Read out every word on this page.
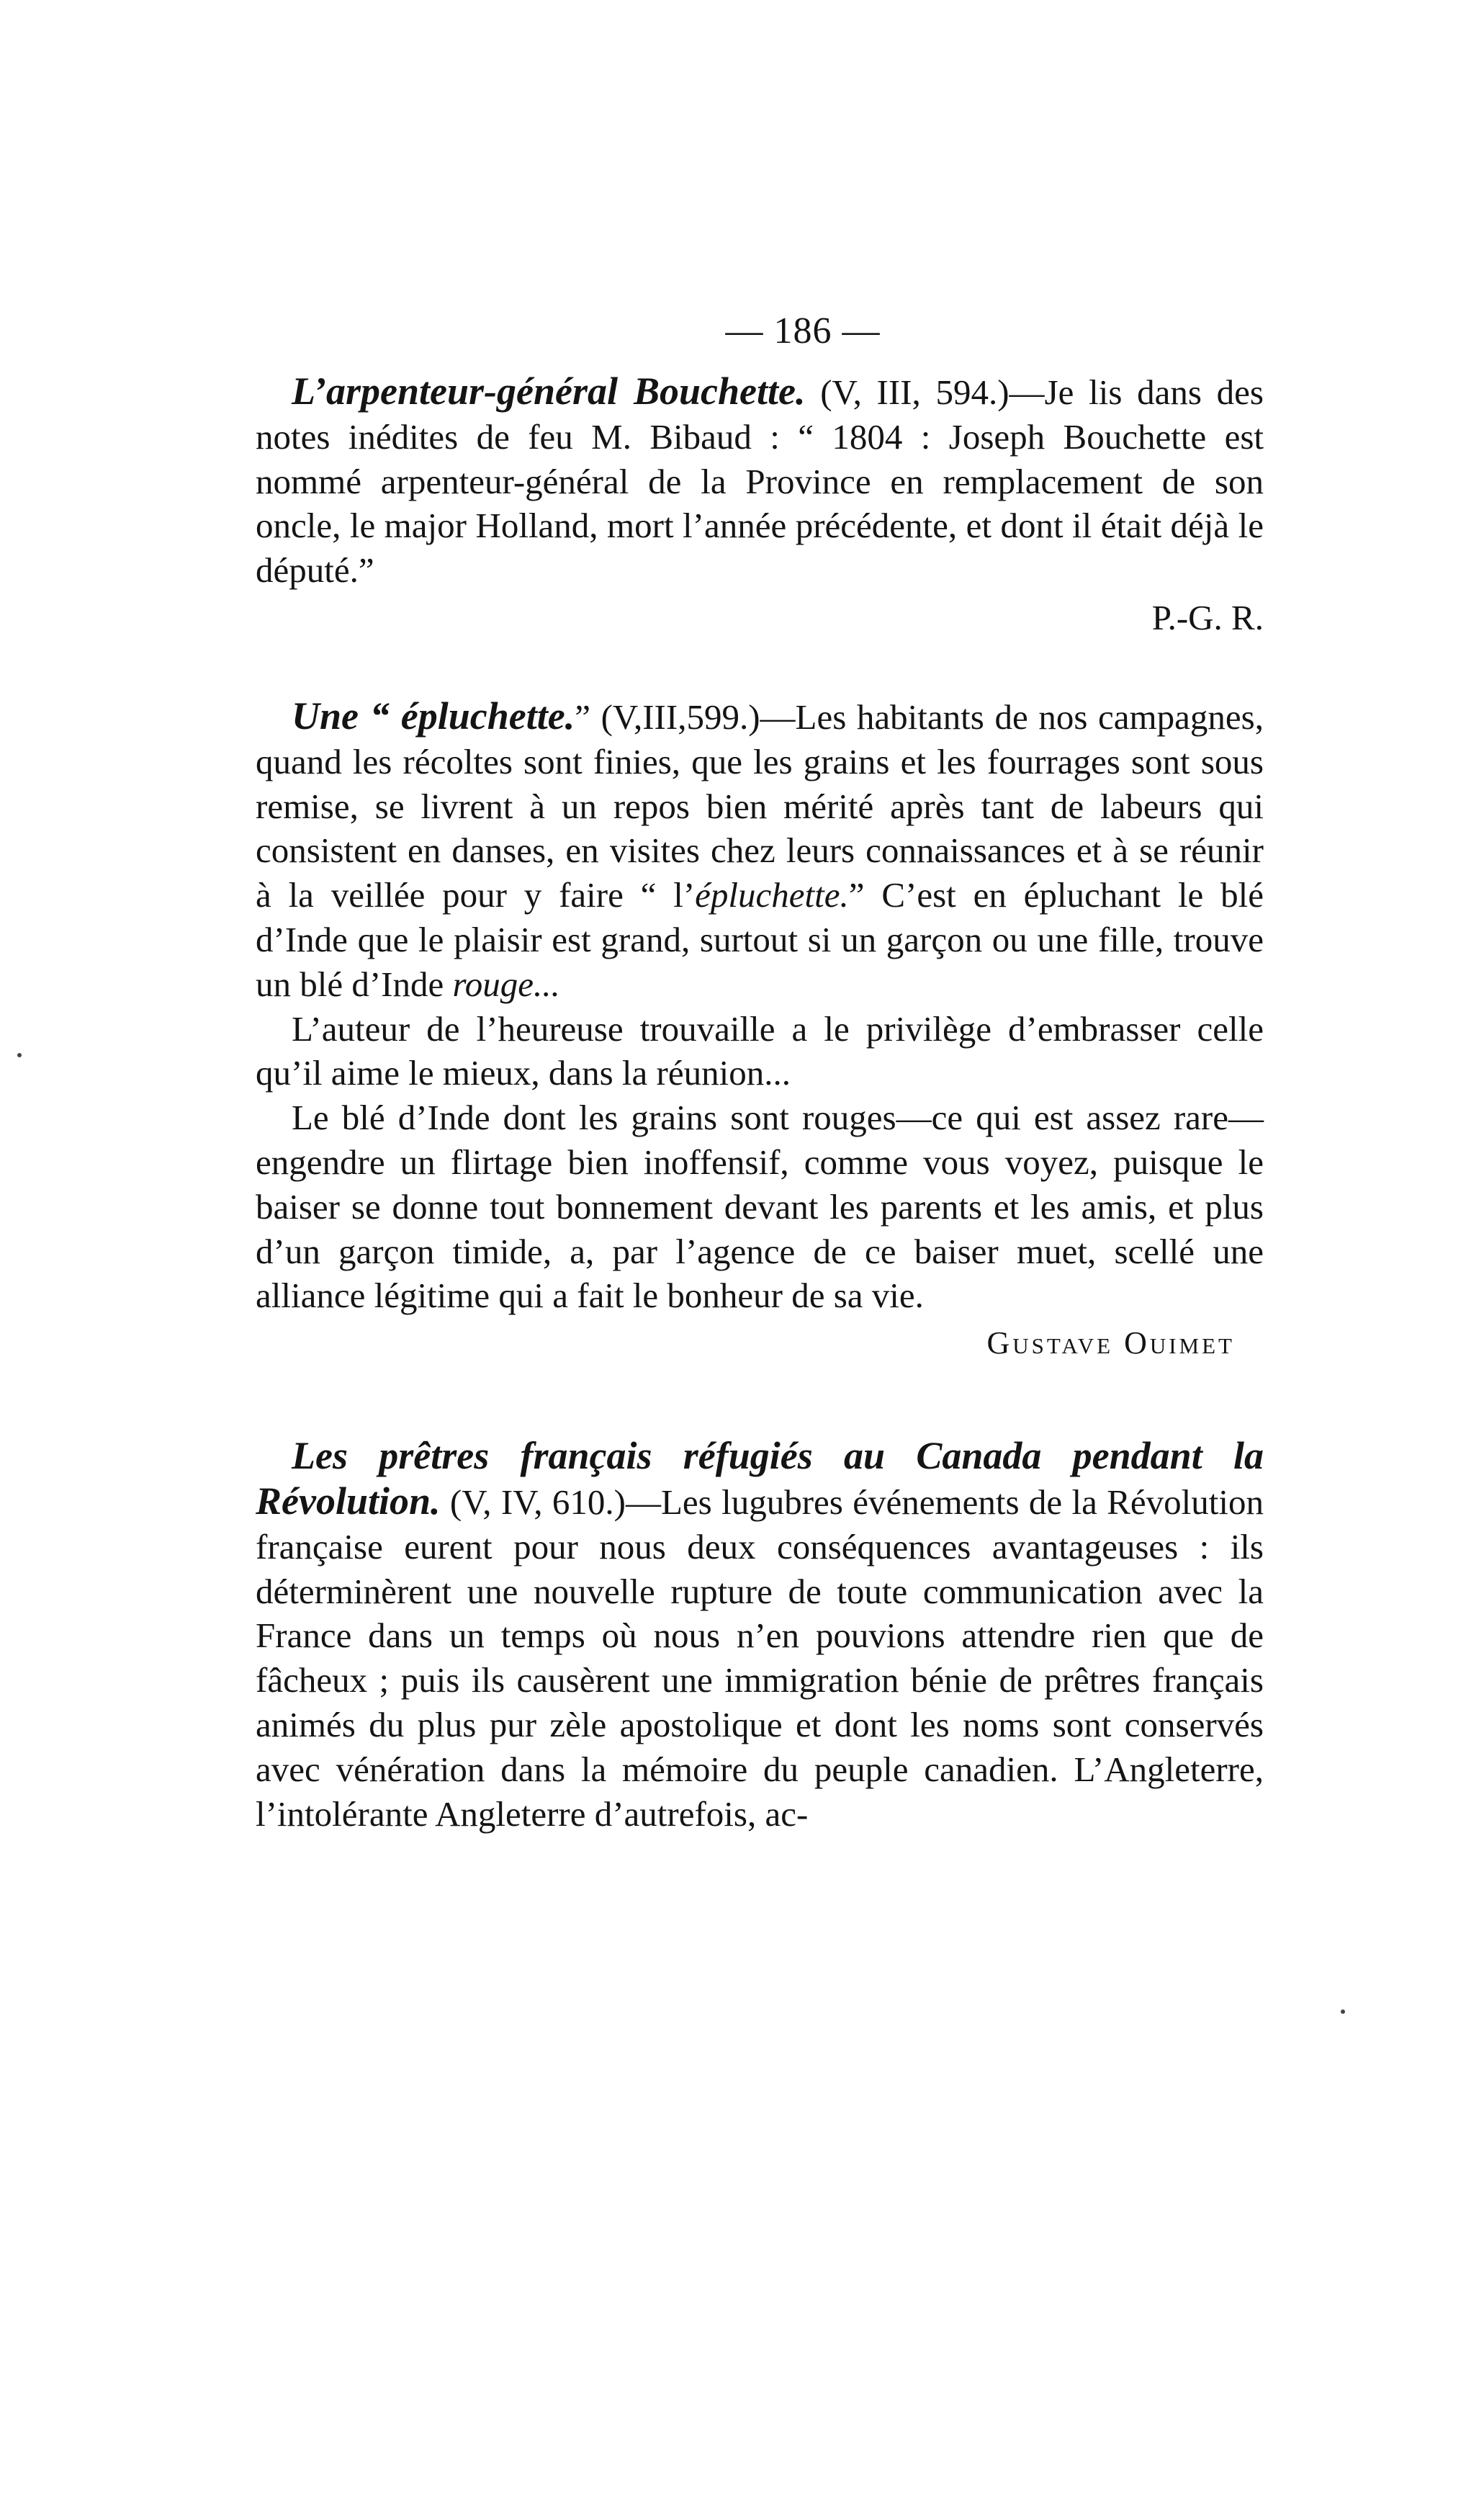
— 186 —

L’arpenteur-général Bouchette. (V, III, 594.)—Je lis dans des notes inédites de feu M. Bibaud : “ 1804 : Joseph Bouchette est nommé arpenteur-général de la Province en remplacement de son oncle, le major Holland, mort l’année précédente, et dont il était déjà le député.”

P.-G. R.

Une “ épluchette.” (V,III,599.)—Les habitants de nos campagnes, quand les récoltes sont finies, que les grains et les fourrages sont sous remise, se livrent à un repos bien mérité après tant de labeurs qui consistent en danses, en visites chez leurs connaissances et à se réunir à la veillée pour y faire “ l’épluchette.” C’est en épluchant le blé d’Inde que le plaisir est grand, surtout si un garçon ou une fille, trouve un blé d’Inde rouge...

L’auteur de l’heureuse trouvaille a le privilège d’embrasser celle qu’il aime le mieux, dans la réunion...

Le blé d’Inde dont les grains sont rouges—ce qui est assez rare—engendre un flirtage bien inoffensif, comme vous voyez, puisque le baiser se donne tout bonnement devant les parents et les amis, et plus d’un garçon timide, a, par l’agence de ce baiser muet, scellé une alliance légitime qui a fait le bonheur de sa vie.

Gustave Ouimet

Les prêtres français réfugiés au Canada pendant la Révolution. (V, IV, 610.)—Les lugubres événements de la Révolution française eurent pour nous deux conséquences avantageuses : ils déterminèrent une nouvelle rupture de toute communication avec la France dans un temps où nous n’en pouvions attendre rien que de fâcheux ; puis ils causèrent une immigration bénie de prêtres français animés du plus pur zèle apostolique et dont les noms sont conservés avec vénération dans la mémoire du peuple canadien. L’Angleterre, l’intolérante Angleterre d’autrefois, ac-
